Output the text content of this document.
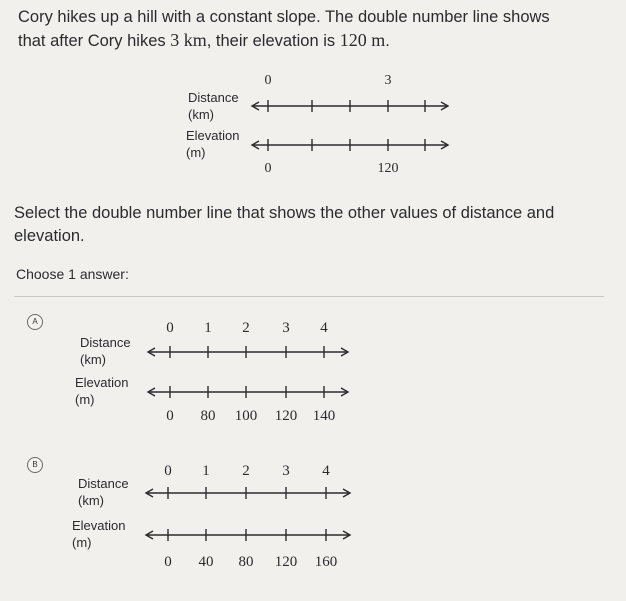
Cory hikes up a hill with a constant slope. The double number line shows
that after Cory hikes 3 km, their elevation is 120 m.
Distance
(km)
Elevation
(m)
0	3
0	120
Select the double number line that shows the other values of distance and elevation.
Choose 1 answer:
A	0 1 2 3 4
Distance
(km)
Elevation
(m)
0 80 100 120 140
B	0 1 2 3 4
Distance
(km)
Elevation
(m)
0 40 80 120 160
